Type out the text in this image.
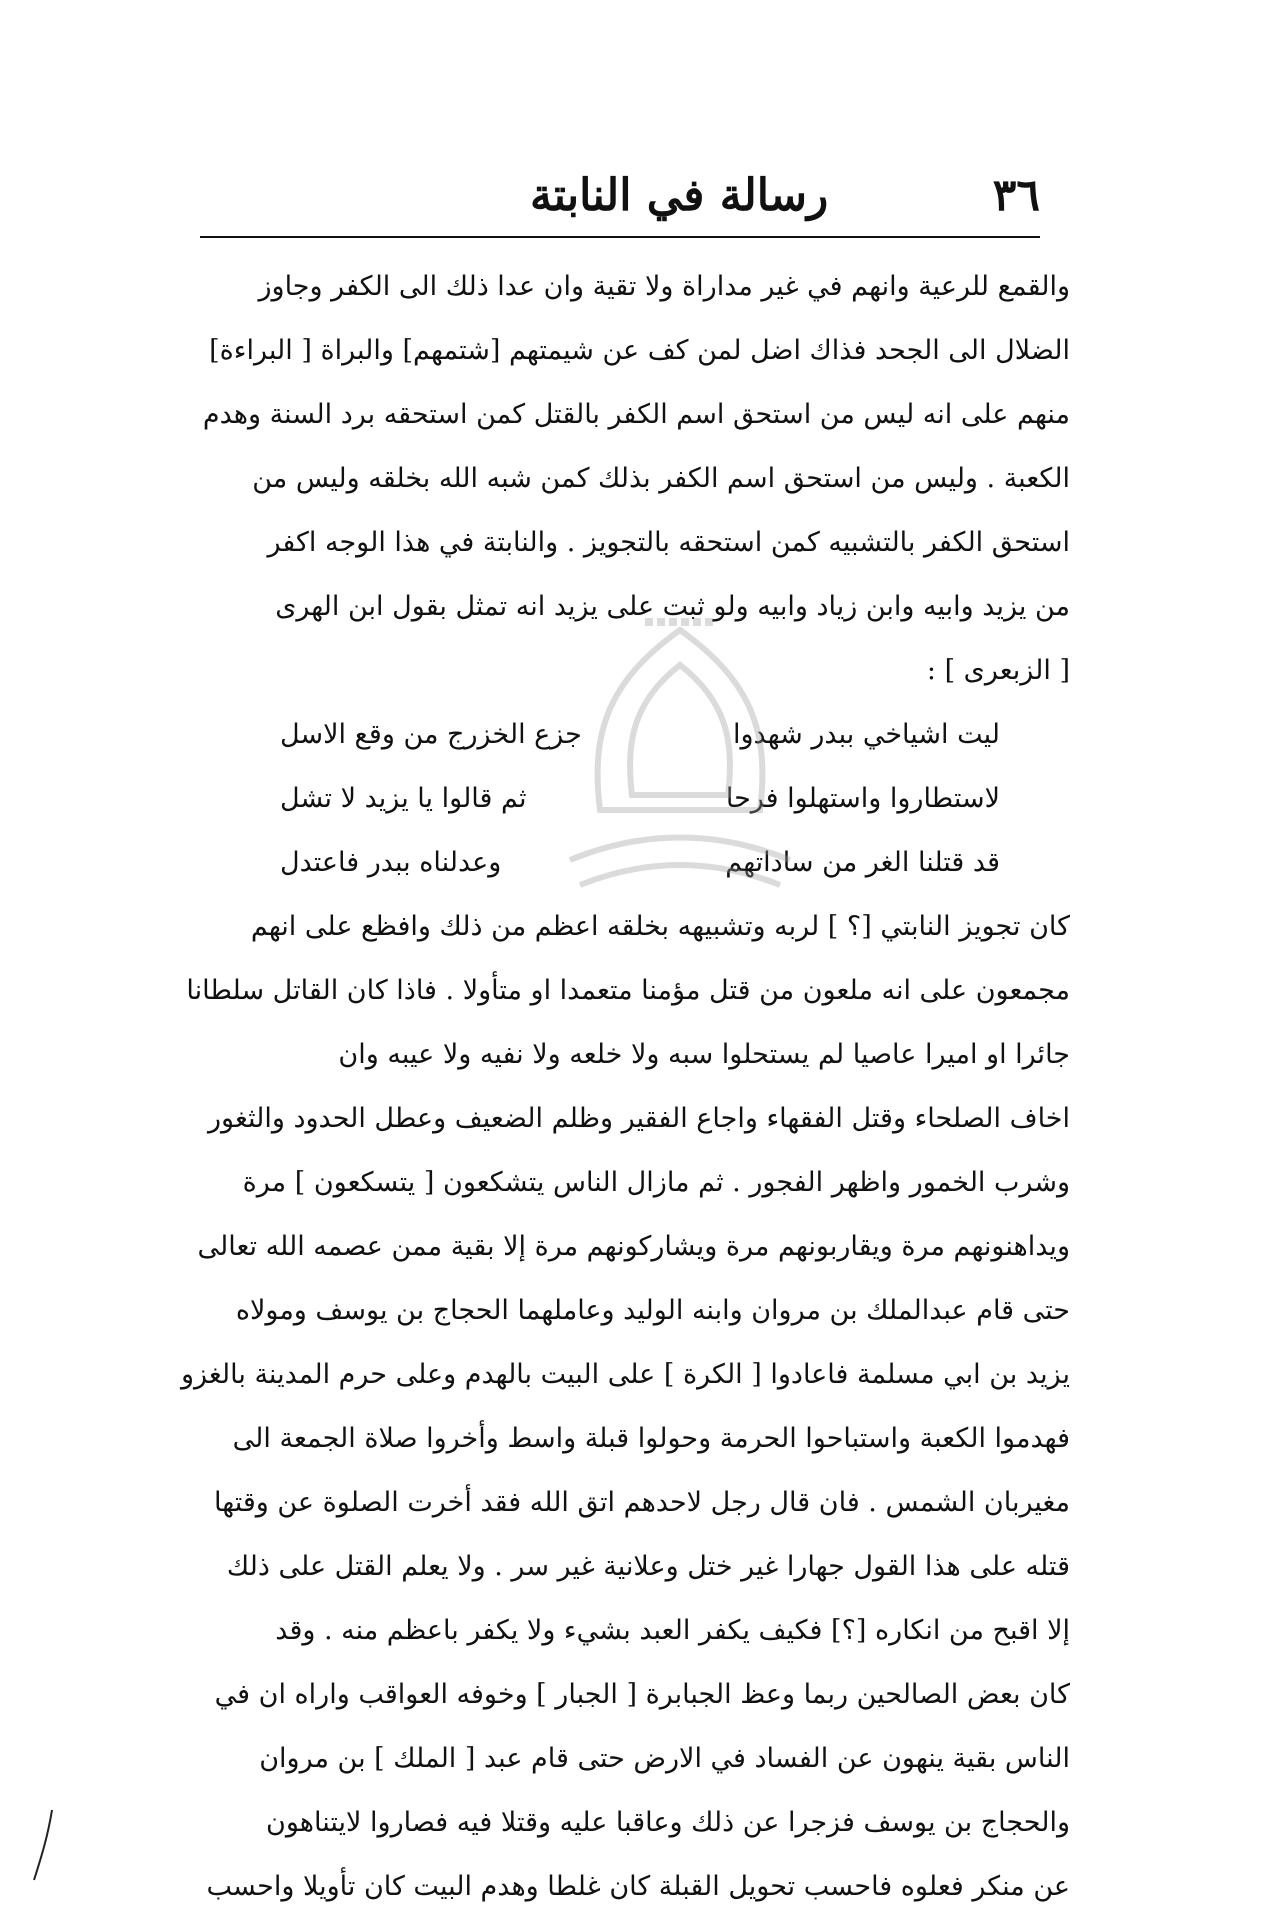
٣٦
رسالة في النابتة
والقمع للرعية وانهم في غير مداراة ولا تقية وان عدا ذلك الى الكفر وجاوز
الضلال الى الجحد فذاك اضل لمن كف عن شيمتهم [شتمهم] والبراة [ البراءة]
منهم على انه ليس من استحق اسم الكفر بالقتل كمن استحقه برد السنة وهدم
الكعبة . وليس من استحق اسم الكفر بذلك كمن شبه الله بخلقه وليس من
استحق الكفر بالتشبيه كمن استحقه بالتجويز . والنابتة في هذا الوجه اكفر
من يزيد وابيه وابن زياد وابيه ولو ثبت على يزيد انه تمثل بقول ابن الهرى
[ الزبعرى ] :
ليت اشياخي ببدر شهدوا
جزع الخزرج من وقع الاسل
لاستطاروا واستهلوا فرحا
ثم قالوا يا يزيد لا تشل
قد قتلنا الغر من ساداتهم
وعدلناه ببدر فاعتدل
كان تجويز النابتي [؟ ] لربه وتشبيهه بخلقه اعظم من ذلك وافظع على انهم
مجمعون على انه ملعون من قتل مؤمنا متعمدا او متأولا . فاذا كان القاتل سلطانا
جائرا او اميرا عاصيا لم يستحلوا سبه ولا خلعه ولا نفيه ولا عيبه وان
اخاف الصلحاء وقتل الفقهاء واجاع الفقير وظلم الضعيف وعطل الحدود والثغور
وشرب الخمور واظهر الفجور . ثم مازال الناس يتشكعون [ يتسكعون ] مرة
ويداهنونهم مرة ويقاربونهم مرة ويشاركونهم مرة إلا بقية ممن عصمه الله تعالى
حتى قام عبدالملك بن مروان وابنه الوليد وعاملهما الحجاج بن يوسف ومولاه
يزيد بن ابي مسلمة فاعادوا [ الكرة ] على البيت بالهدم وعلى حرم المدينة بالغزو
فهدموا الكعبة واستباحوا الحرمة وحولوا قبلة واسط وأخروا صلاة الجمعة الى
مغيربان الشمس . فان قال رجل لاحدهم اتق الله فقد أخرت الصلوة عن وقتها
قتله على هذا القول جهارا غير ختل وعلانية غير سر . ولا يعلم القتل على ذلك
إلا اقبح من انكاره [؟] فكيف يكفر العبد بشيء ولا يكفر باعظم منه . وقد
كان بعض الصالحين ربما وعظ الجبابرة [ الجبار ] وخوفه العواقب واراه ان في
الناس بقية ينهون عن الفساد في الارض حتى قام عبد [ الملك ] بن مروان
والحجاج بن يوسف فزجرا عن ذلك وعاقبا عليه وقتلا فيه فصاروا لايتناهون
عن منكر فعلوه فاحسب تحويل القبلة كان غلطا وهدم البيت كان تأويلا واحسب
